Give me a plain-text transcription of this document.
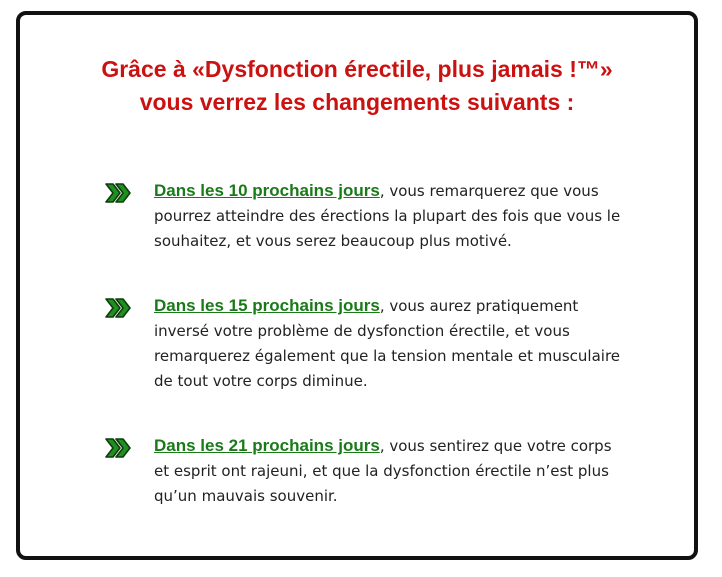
Grâce à «Dysfonction érectile, plus jamais !™»
vous verrez les changements suivants :
Dans les 10 prochains jours, vous remarquerez que vous pourrez atteindre des érections la plupart des fois que vous le souhaitez, et vous serez beaucoup plus motivé.
Dans les 15 prochains jours, vous aurez pratiquement inversé votre problème de dysfonction érectile, et vous remarquerez également que la tension mentale et musculaire de tout votre corps diminue.
Dans les 21 prochains jours, vous sentirez que votre corps et esprit ont rajeuni, et que la dysfonction érectile n’est plus qu’un mauvais souvenir.
